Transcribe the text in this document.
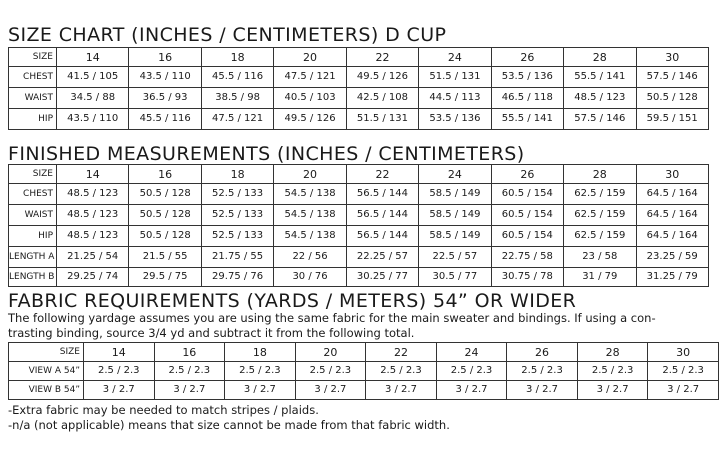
SIZE CHART (INCHES / CENTIMETERS) D CUP
SIZE	14	16	18	20	22	24	26	28	30
CHEST	41.5 / 105	43.5 / 110	45.5 / 116	47.5 / 121	49.5 / 126	51.5 / 131	53.5 / 136	55.5 / 141	57.5 / 146
WAIST	34.5 / 88	36.5 / 93	38.5 / 98	40.5 / 103	42.5 / 108	44.5 / 113	46.5 / 118	48.5 / 123	50.5 / 128
HIP	43.5 / 110	45.5 / 116	47.5 / 121	49.5 / 126	51.5 / 131	53.5 / 136	55.5 / 141	57.5 / 146	59.5 / 151
FINISHED MEASUREMENTS (INCHES / CENTIMETERS)
SIZE	14	16	18	20	22	24	26	28	30
CHEST	48.5 / 123	50.5 / 128	52.5 / 133	54.5 / 138	56.5 / 144	58.5 / 149	60.5 / 154	62.5 / 159	64.5 / 164
WAIST	48.5 / 123	50.5 / 128	52.5 / 133	54.5 / 138	56.5 / 144	58.5 / 149	60.5 / 154	62.5 / 159	64.5 / 164
HIP	48.5 / 123	50.5 / 128	52.5 / 133	54.5 / 138	56.5 / 144	58.5 / 149	60.5 / 154	62.5 / 159	64.5 / 164
LENGTH A	21.25 / 54	21.5 / 55	21.75 / 55	22 / 56	22.25 / 57	22.5 / 57	22.75 / 58	23 / 58	23.25 / 59
LENGTH B	29.25 / 74	29.5 / 75	29.75 / 76	30 / 76	30.25 / 77	30.5 / 77	30.75 / 78	31 / 79	31.25 / 79
FABRIC REQUIREMENTS (YARDS / METERS) 54” OR WIDER
The following yardage assumes you are using the same fabric for the main sweater and bindings. If using a con-
trasting binding, source 3/4 yd and subtract it from the following total.
SIZE	14	16	18	20	22	24	26	28	30
VIEW A 54”	2.5 / 2.3	2.5 / 2.3	2.5 / 2.3	2.5 / 2.3	2.5 / 2.3	2.5 / 2.3	2.5 / 2.3	2.5 / 2.3	2.5 / 2.3
VIEW B 54”	3 / 2.7	3 / 2.7	3 / 2.7	3 / 2.7	3 / 2.7	3 / 2.7	3 / 2.7	3 / 2.7	3 / 2.7
-Extra fabric may be needed to match stripes / plaids.
-n/a (not applicable) means that size cannot be made from that fabric width.
